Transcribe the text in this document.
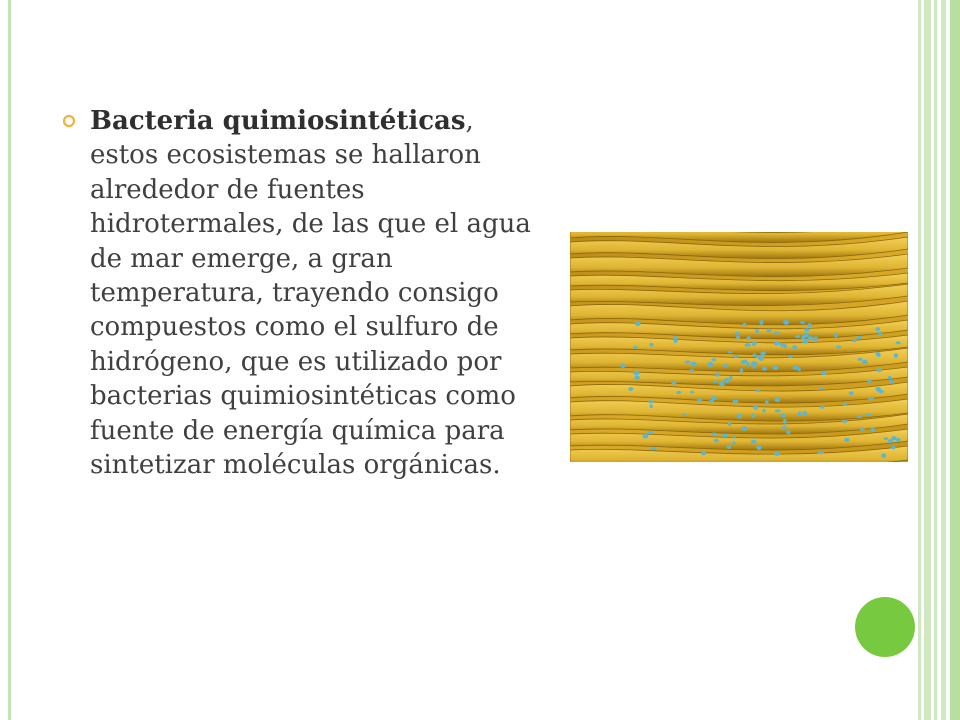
Bacteria quimiosintéticas, estos ecosistemas se hallaron alrededor de fuentes hidrotermales, de las que el agua de mar emerge, a gran temperatura, trayendo consigo compuestos como el sulfuro de hidrógeno, que es utilizado por bacterias quimiosintéticas como fuente de energía química para sintetizar moléculas orgánicas.
